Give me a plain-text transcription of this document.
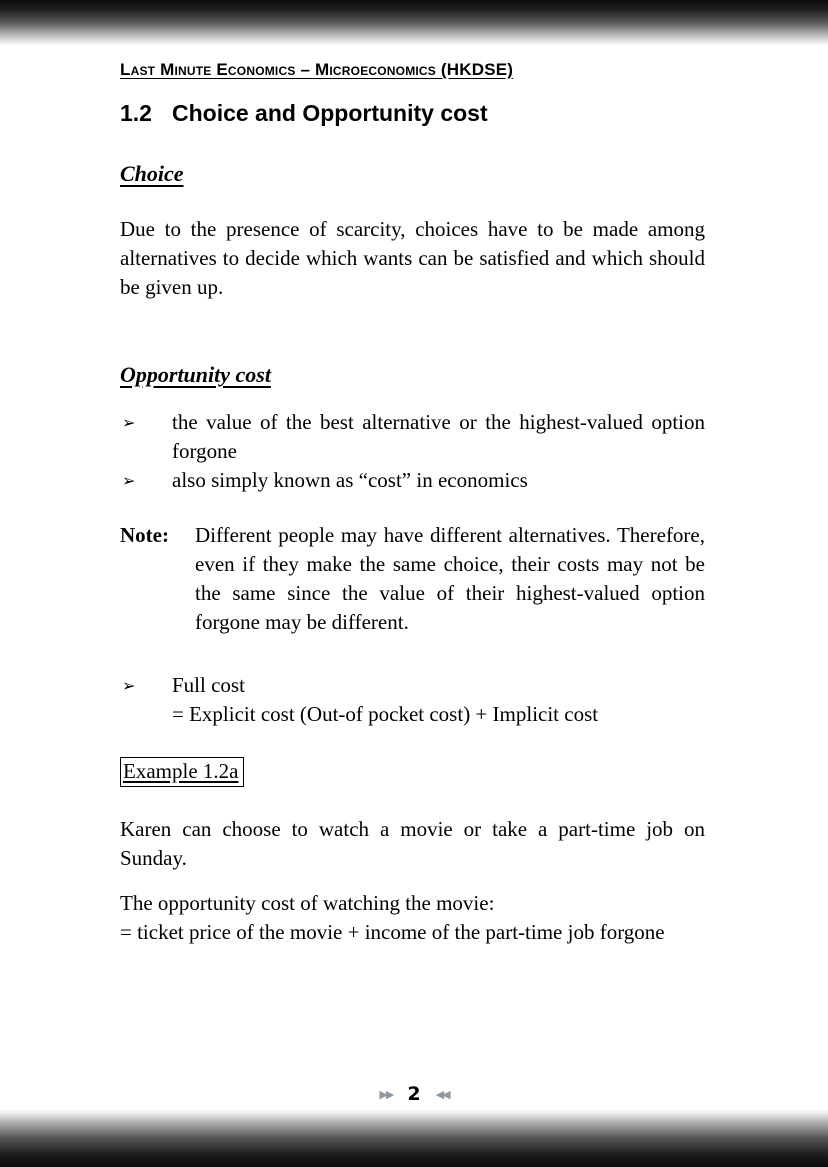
Last Minute Economics – Microeconomics (HKDSE)
1.2 Choice and Opportunity cost
Choice

Due to the presence of scarcity, choices have to be made among alternatives to decide which wants can be satisfied and which should be given up.

Opportunity cost
➢	the value of the best alternative or the highest-valued option forgone
➢	also simply known as “cost” in economics
Note:	Different people may have different alternatives. Therefore, even if they make the same choice, their costs may not be the same since the value of their highest-valued option forgone may be different.
➢	Full cost
= Explicit cost (Out-of pocket cost) + Implicit cost
Example 1.2a

Karen can choose to watch a movie or take a part-time job on Sunday.

The opportunity cost of watching the movie:

= ticket price of the movie + income of the part-time job forgone

▶▶ 2 ◀◀
